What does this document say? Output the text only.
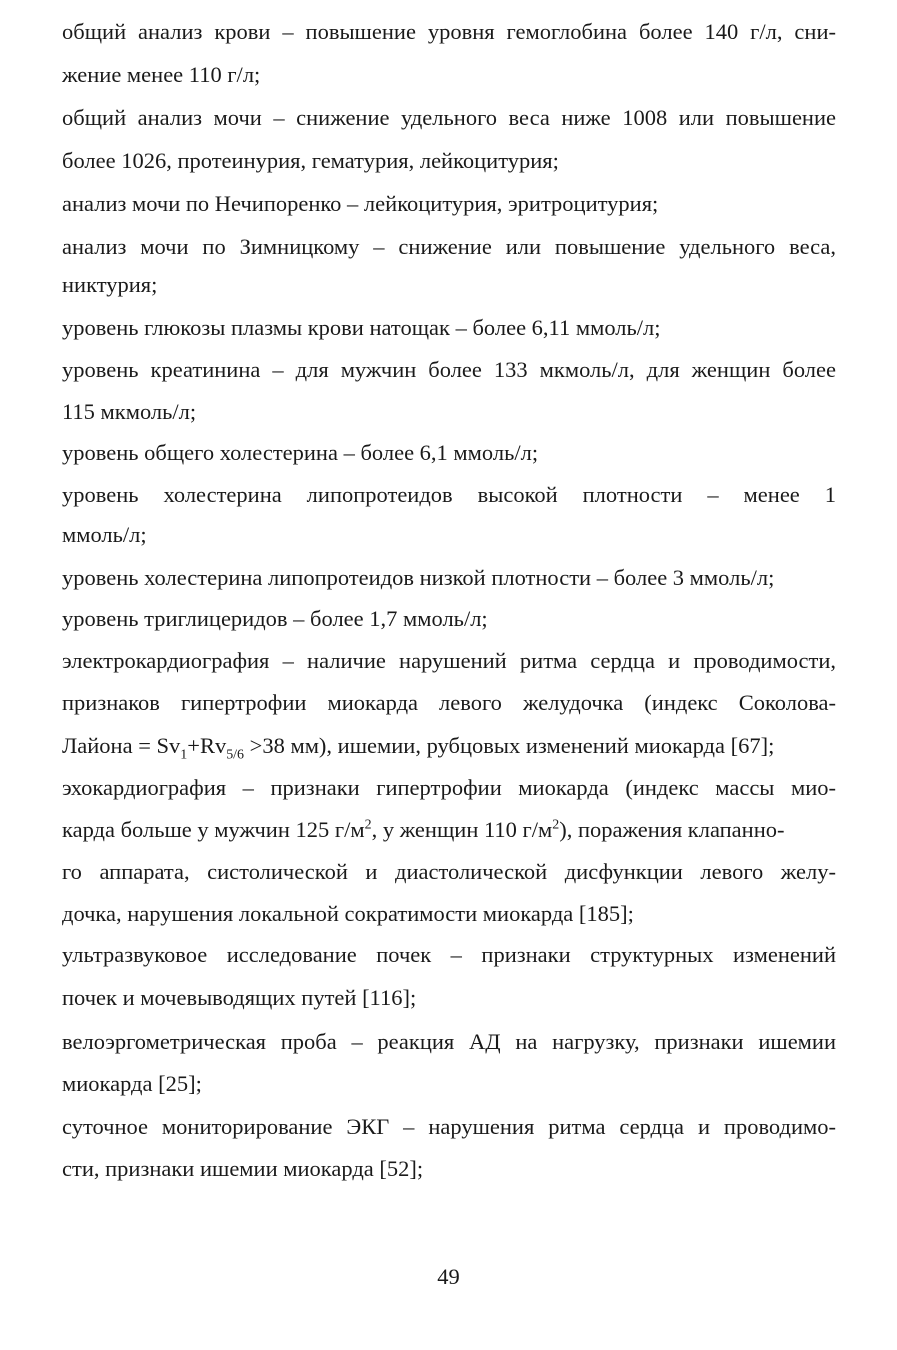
общий анализ крови – повышение уровня гемоглобина более 140 г/л, сни-

жение менее 110 г/л;

общий анализ мочи – снижение удельного веса ниже 1008 или повышение

более 1026, протеинурия, гематурия, лейкоцитурия;

анализ мочи по Нечипоренко – лейкоцитурия, эритроцитурия;

анализ мочи по Зимницкому – снижение или повышение удельного веса,

никтурия;

уровень глюкозы плазмы крови натощак – более 6,11 ммоль/л;

уровень креатинина – для мужчин более 133 мкмоль/л, для женщин более

115 мкмоль/л;

уровень общего холестерина – более 6,1 ммоль/л;

уровень холестерина липопротеидов высокой плотности – менее 1

ммоль/л;

уровень холестерина липопротеидов низкой плотности – более 3 ммоль/л;

уровень триглицеридов – более 1,7 ммоль/л;

электрокардиография – наличие нарушений ритма сердца и проводимости,

признаков гипертрофии миокарда левого желудочка (индекс Соколова-

Лайона = $Sv_1+Rv_{5/6} >38$ мм), ишемии, рубцовых изменений миокарда [67];

эхокардиография – признаки гипертрофии миокарда (индекс массы мио-

карда больше у мужчин 125 $г/м^2$, у женщин 110 $г/м^2$), поражения клапанно-

го аппарата, систолической и диастолической дисфункции левого желу-

дочка, нарушения локальной сократимости миокарда [185];

ультразвуковое исследование почек – признаки структурных изменений

почек и мочевыводящих путей [116];

велоэргометрическая проба – реакция АД на нагрузку, признаки ишемии

миокарда [25];

суточное мониторирование ЭКГ – нарушения ритма сердца и проводимо-

сти, признаки ишемии миокарда [52];

49
